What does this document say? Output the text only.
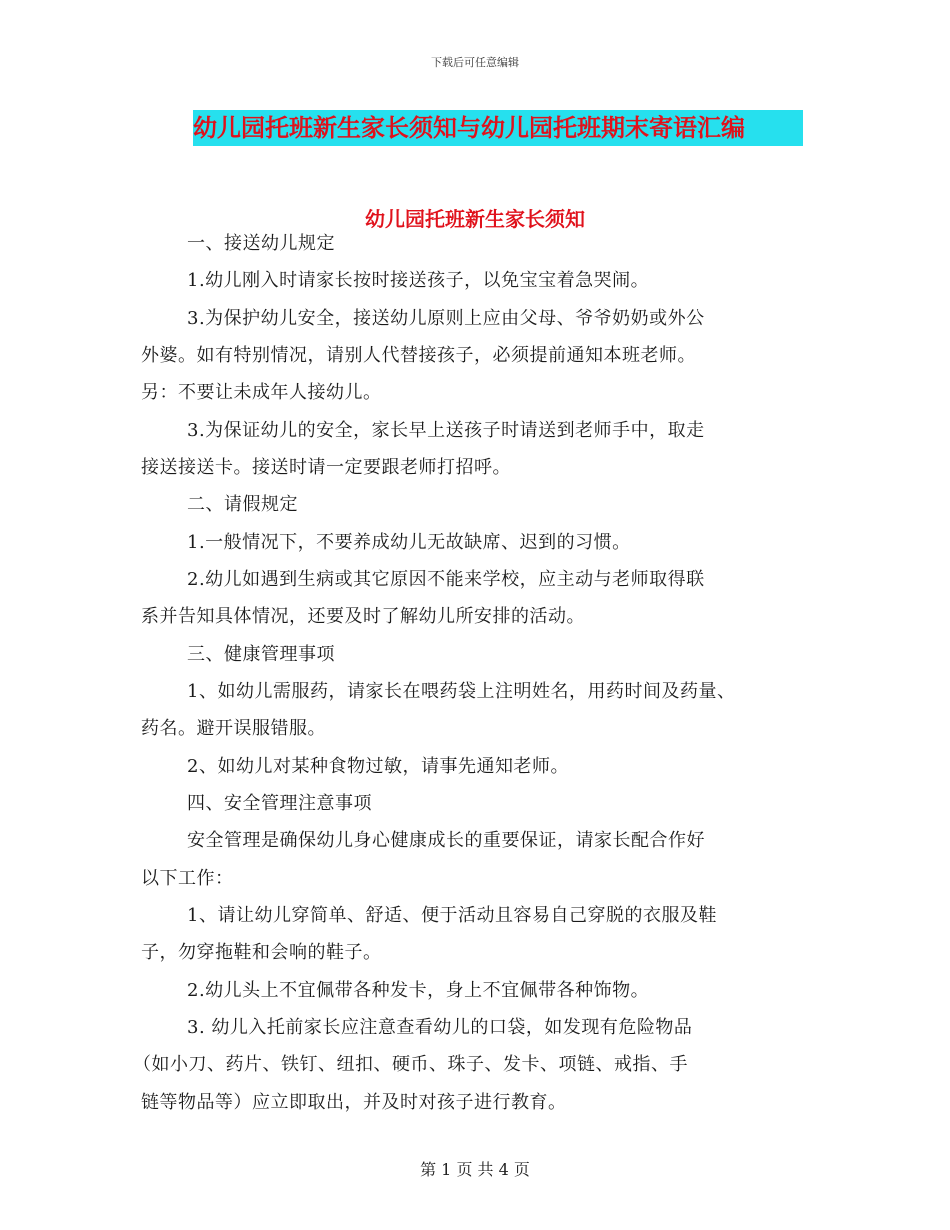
下载后可任意编辑
幼儿园托班新生家长须知与幼儿园托班期末寄语汇编
幼儿园托班新生家长须知
一、接送幼儿规定
1.幼儿刚入时请家长按时接送孩子，以免宝宝着急哭闹。
3.为保护幼儿安全，接送幼儿原则上应由父母、爷爷奶奶或外公
外婆。如有特别情况，请别人代替接孩子，必须提前通知本班老师。
另：不要让未成年人接幼儿。
3.为保证幼儿的安全，家长早上送孩子时请送到老师手中，取走
接送接送卡。接送时请一定要跟老师打招呼。
二、请假规定
1.一般情况下，不要养成幼儿无故缺席、迟到的习惯。
2.幼儿如遇到生病或其它原因不能来学校，应主动与老师取得联
系并告知具体情况，还要及时了解幼儿所安排的活动。
三、健康管理事项
1、如幼儿需服药，请家长在喂药袋上注明姓名，用药时间及药量、
药名。避开误服错服。
2、如幼儿对某种食物过敏，请事先通知老师。
四、安全管理注意事项
安全管理是确保幼儿身心健康成长的重要保证，请家长配合作好
以下工作：
1、请让幼儿穿简单、舒适、便于活动且容易自己穿脱的衣服及鞋
子，勿穿拖鞋和会响的鞋子。
2.幼儿头上不宜佩带各种发卡，身上不宜佩带各种饰物。
3. 幼儿入托前家长应注意查看幼儿的口袋，如发现有危险物品
（如小刀、药片、铁钉、纽扣、硬币、珠子、发卡、项链、戒指、手
链等物品等）应立即取出，并及时对孩子进行教育。
第 1 页 共 4 页
